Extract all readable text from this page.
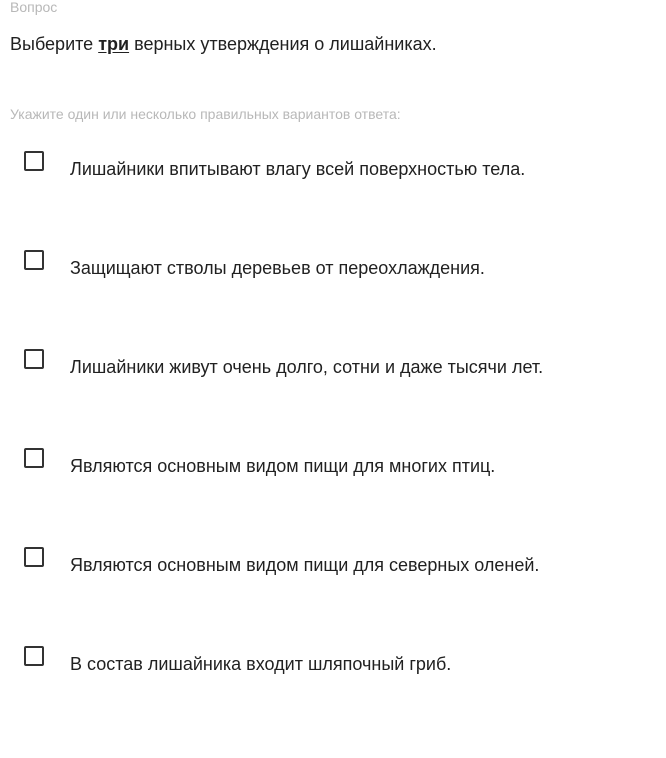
Вопрос
Выберите три верных утверждения о лишайниках.
Укажите один или несколько правильных вариантов ответа:
Лишайники впитывают влагу всей поверхностью тела.
Защищают стволы деревьев от переохлаждения.
Лишайники живут очень долго, сотни и даже тысячи лет.
Являются основным видом пищи для многих птиц.
Являются основным видом пищи для северных оленей.
В состав лишайника входит шляпочный гриб.
